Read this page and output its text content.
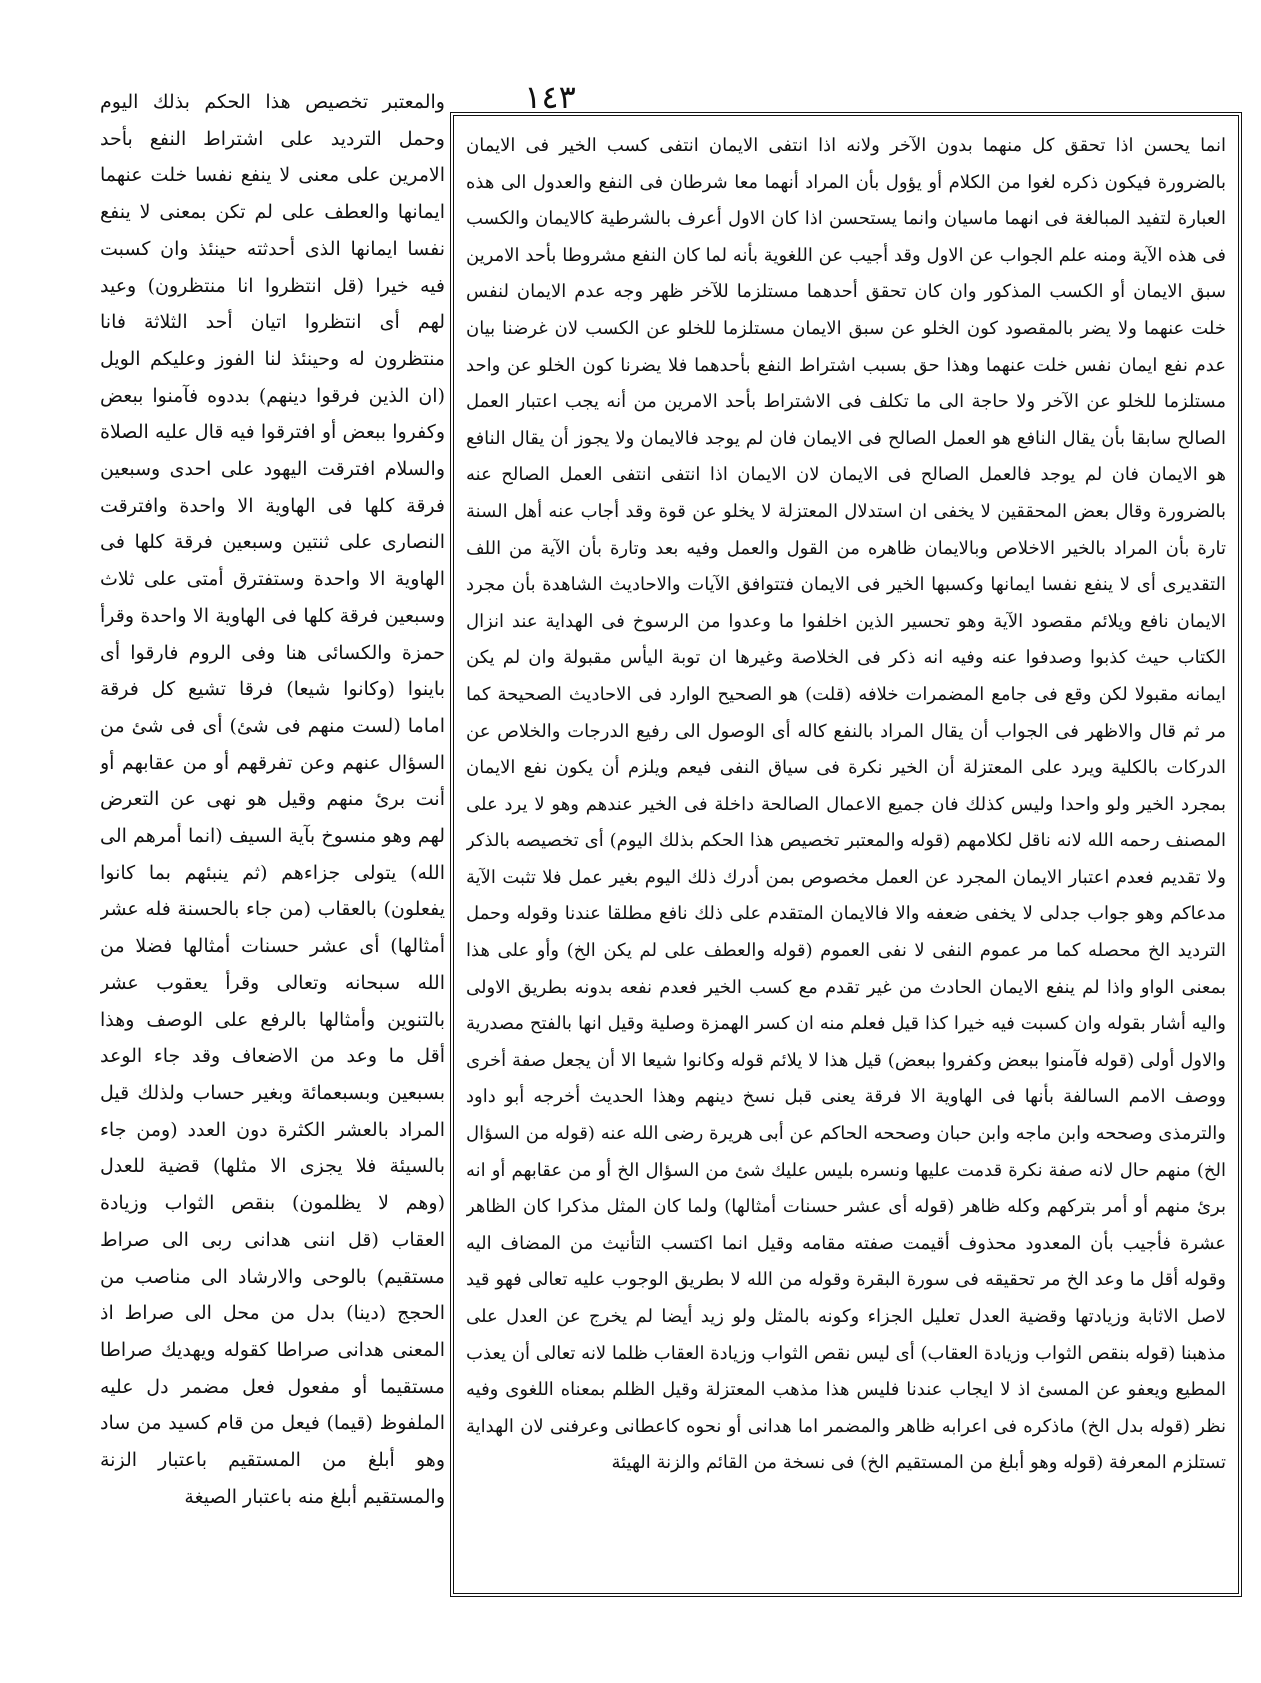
١٤٣
والمعتبر تخصيص هذا الحكم بذلك اليوم وحمل الترديد على اشتراط النفع بأحد الامرين على معنى لا ينفع نفسا خلت عنهما ايمانها والعطف على لم تكن بمعنى لا ينفع نفسا ايمانها الذى أحدثته حينئذ وان كسبت فيه خيرا (قل انتظروا انا منتظرون) وعيد لهم أى انتظروا اتيان أحد الثلاثة فانا منتظرون له وحينئذ لنا الفوز وعليكم الويل (ان الذين فرقوا دينهم) بددوه فآمنوا ببعض وكفروا ببعض أو افترقوا فيه قال عليه الصلاة والسلام افترقت اليهود على احدى وسبعين فرقة كلها فى الهاوية الا واحدة وافترقت النصارى على ثنتين وسبعين فرقة كلها فى الهاوية الا واحدة وستفترق أمتى على ثلاث وسبعين فرقة كلها فى الهاوية الا واحدة وقرأ حمزة والكسائى هنا وفى الروم فارقوا أى باينوا (وكانوا شيعا) فرقا تشيع كل فرقة اماما (لست منهم فى شئ) أى فى شئ من السؤال عنهم وعن تفرقهم أو من عقابهم أو أنت برئ منهم وقيل هو نهى عن التعرض لهم وهو منسوخ بآية السيف (انما أمرهم الى الله) يتولى جزاءهم (ثم ينبئهم بما كانوا يفعلون) بالعقاب (من جاء بالحسنة فله عشر أمثالها) أى عشر حسنات أمثالها فضلا من الله سبحانه وتعالى وقرأ يعقوب عشر بالتنوين وأمثالها بالرفع على الوصف وهذا أقل ما وعد من الاضعاف وقد جاء الوعد بسبعين وبسبعمائة وبغير حساب ولذلك قيل المراد بالعشر الكثرة دون العدد (ومن جاء بالسيئة فلا يجزى الا مثلها) قضية للعدل (وهم لا يظلمون) بنقص الثواب وزيادة العقاب (قل اننى هدانى ربى الى صراط مستقيم) بالوحى والارشاد الى مناصب من الحجج (دينا) بدل من محل الى صراط اذ المعنى هدانى صراطا كقوله ويهديك صراطا مستقيما أو مفعول فعل مضمر دل عليه الملفوظ (قيما) فيعل من قام كسيد من ساد وهو أبلغ من المستقيم باعتبار الزنة والمستقيم أبلغ منه باعتبار الصيغة
انما يحسن اذا تحقق كل منهما بدون الآخر ولانه اذا انتفى الايمان انتفى كسب الخير فى الايمان بالضرورة فيكون ذكره لغوا من الكلام أو يؤول بأن المراد أنهما معا شرطان فى النفع والعدول الى هذه العبارة لتفيد المبالغة فى انهما ماسيان وانما يستحسن اذا كان الاول أعرف بالشرطية كالايمان والكسب فى هذه الآية ومنه علم الجواب عن الاول وقد أجيب عن اللغوية بأنه لما كان النفع مشروطا بأحد الامرين سبق الايمان أو الكسب المذكور وان كان تحقق أحدهما مستلزما للآخر ظهر وجه عدم الايمان لنفس خلت عنهما ولا يضر بالمقصود كون الخلو عن سبق الايمان مستلزما للخلو عن الكسب لان غرضنا بيان عدم نفع ايمان نفس خلت عنهما وهذا حق بسبب اشتراط النفع بأحدهما فلا يضرنا كون الخلو عن واحد مستلزما للخلو عن الآخر ولا حاجة الى ما تكلف فى الاشتراط بأحد الامرين من أنه يجب اعتبار العمل الصالح سابقا بأن يقال النافع هو العمل الصالح فى الايمان فان لم يوجد فالايمان ولا يجوز أن يقال النافع هو الايمان فان لم يوجد فالعمل الصالح فى الايمان لان الايمان اذا انتفى انتفى العمل الصالح عنه بالضرورة وقال بعض المحققين لا يخفى ان استدلال المعتزلة لا يخلو عن قوة وقد أجاب عنه أهل السنة تارة بأن المراد بالخير الاخلاص وبالايمان ظاهره من القول والعمل وفيه بعد وتارة بأن الآية من اللف التقديرى أى لا ينفع نفسا ايمانها وكسبها الخير فى الايمان فتتوافق الآيات والاحاديث الشاهدة بأن مجرد الايمان نافع ويلائم مقصود الآية وهو تحسير الذين اخلفوا ما وعدوا من الرسوخ فى الهداية عند انزال الكتاب حيث كذبوا وصدفوا عنه وفيه انه ذكر فى الخلاصة وغيرها ان توبة اليأس مقبولة وان لم يكن ايمانه مقبولا لكن وقع فى جامع المضمرات خلافه (قلت) هو الصحيح الوارد فى الاحاديث الصحيحة كما مر ثم قال والاظهر فى الجواب أن يقال المراد بالنفع كاله أى الوصول الى رفيع الدرجات والخلاص عن الدركات بالكلية ويرد على المعتزلة أن الخير نكرة فى سياق النفى فيعم ويلزم أن يكون نفع الايمان بمجرد الخير ولو واحدا وليس كذلك فان جميع الاعمال الصالحة داخلة فى الخير عندهم وهو لا يرد على المصنف رحمه الله لانه ناقل لكلامهم (قوله والمعتبر تخصيص هذا الحكم بذلك اليوم) أى تخصيصه بالذكر ولا تقديم فعدم اعتبار الايمان المجرد عن العمل مخصوص بمن أدرك ذلك اليوم بغير عمل فلا تثبت الآية مدعاكم وهو جواب جدلى لا يخفى ضعفه والا فالايمان المتقدم على ذلك نافع مطلقا عندنا وقوله وحمل الترديد الخ محصله كما مر عموم النفى لا نفى العموم (قوله والعطف على لم يكن الخ) وأو على هذا بمعنى الواو واذا لم ينفع الايمان الحادث من غير تقدم مع كسب الخير فعدم نفعه بدونه بطريق الاولى واليه أشار بقوله وان كسبت فيه خيرا كذا قيل فعلم منه ان كسر الهمزة وصلية وقيل انها بالفتح مصدرية والاول أولى (قوله فآمنوا ببعض وكفروا ببعض) قيل هذا لا يلائم قوله وكانوا شيعا الا أن يجعل صفة أخرى ووصف الامم السالفة بأنها فى الهاوية الا فرقة يعنى قبل نسخ دينهم وهذا الحديث أخرجه أبو داود والترمذى وصححه وابن ماجه وابن حبان وصححه الحاكم عن أبى هريرة رضى الله عنه (قوله من السؤال الخ) منهم حال لانه صفة نكرة قدمت عليها ونسره بليس عليك شئ من السؤال الخ أو من عقابهم أو انه برئ منهم أو أمر بتركهم وكله ظاهر (قوله أى عشر حسنات أمثالها) ولما كان المثل مذكرا كان الظاهر عشرة فأجيب بأن المعدود محذوف أقيمت صفته مقامه وقيل انما اكتسب التأنيث من المضاف اليه وقوله أقل ما وعد الخ مر تحقيقه فى سورة البقرة وقوله من الله لا بطريق الوجوب عليه تعالى فهو قيد لاصل الاثابة وزيادتها وقضية العدل تعليل الجزاء وكونه بالمثل ولو زيد أيضا لم يخرج عن العدل على مذهبنا (قوله بنقص الثواب وزيادة العقاب) أى ليس نقص الثواب وزيادة العقاب ظلما لانه تعالى أن يعذب المطيع ويعفو عن المسئ اذ لا ايجاب عندنا فليس هذا مذهب المعتزلة وقيل الظلم بمعناه اللغوى وفيه نظر (قوله بدل الخ) ماذكره فى اعرابه ظاهر والمضمر اما هدانى أو نحوه كاعطانى وعرفنى لان الهداية تستلزم المعرفة (قوله وهو أبلغ من المستقيم الخ) فى نسخة من القائم والزنة الهيئة
